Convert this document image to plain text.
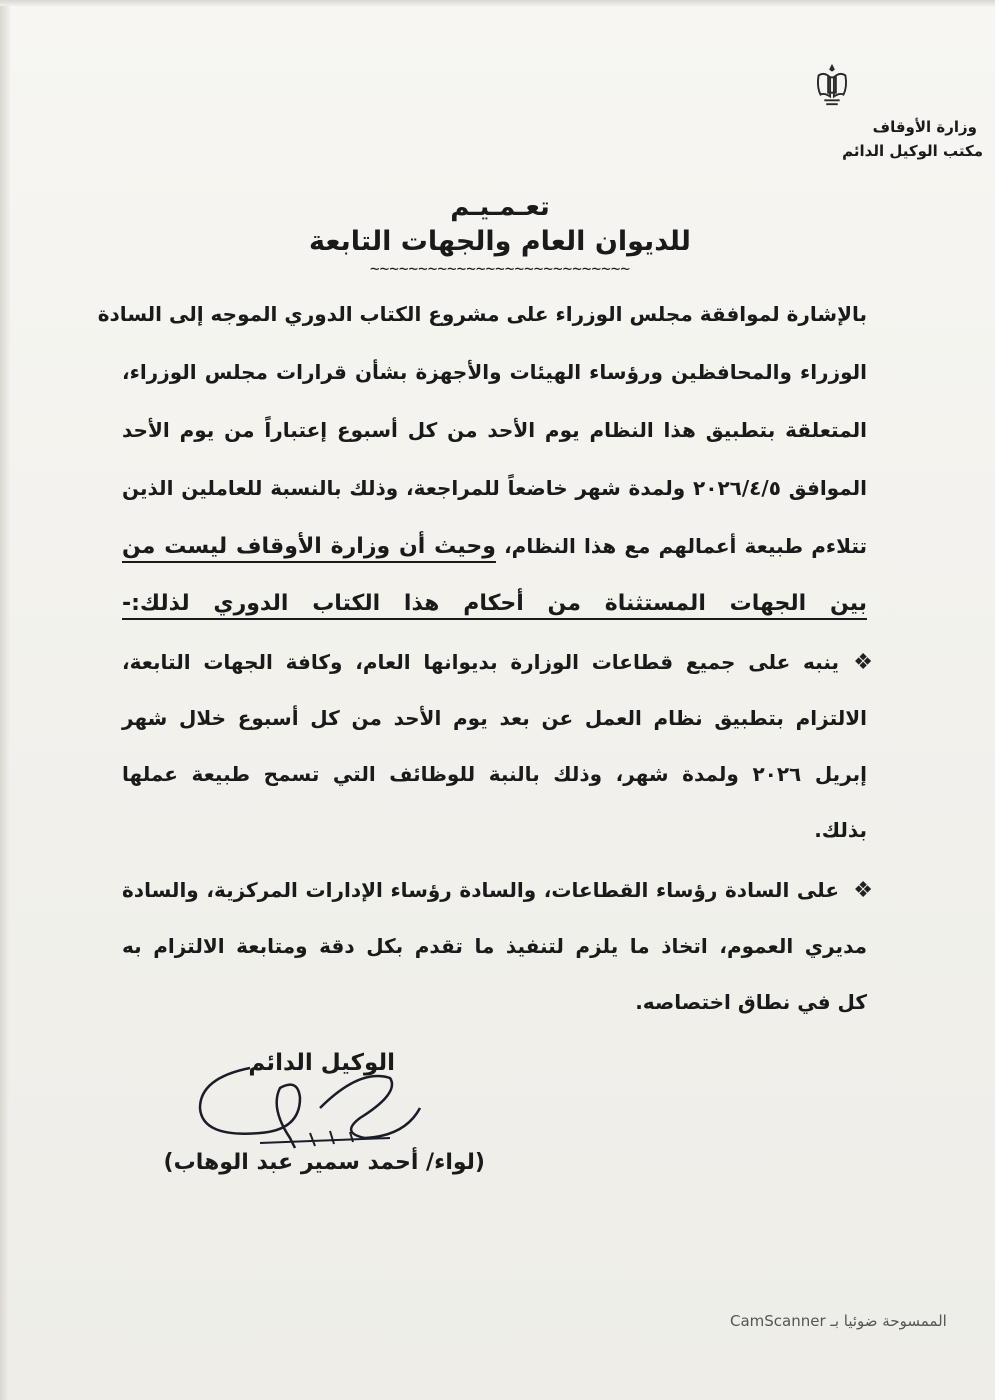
وزارة الأوقاف
مكتب الوكيل الدائم
تعـمـيـم
للديوان العام والجهات التابعة
~~~~~~~~~~~~~~~~~~~~~~~~~~~
بالإشارة لموافقة مجلس الوزراء على مشروع الكتاب الدوري الموجه إلى السادة
الوزراء والمحافظين ورؤساء الهيئات والأجهزة بشأن قرارات مجلس الوزراء،
المتعلقة بتطبيق هذا النظام يوم الأحد من كل أسبوع إعتباراً من يوم الأحد
الموافق ٢٠٢٦/٤/٥ ولمدة شهر خاضعاً للمراجعة، وذلك بالنسبة للعاملين الذين
تتلاءم طبيعة أعمالهم مع هذا النظام، وحيث أن وزارة الأوقاف ليست من
بين الجهات المستثناة من أحكام هذا الكتاب الدوري لذلك:-
❖
ينبه على جميع قطاعات الوزارة بديوانها العام، وكافة الجهات التابعة،
الالتزام بتطبيق نظام العمل عن بعد يوم الأحد من كل أسبوع خلال شهر
إبريل ٢٠٢٦ ولمدة شهر، وذلك بالنبة للوظائف التي تسمح طبيعة عملها
بذلك.
❖
على السادة رؤساء القطاعات، والسادة رؤساء الإدارات المركزية، والسادة
مديري العموم، اتخاذ ما يلزم لتنفيذ ما تقدم بكل دقة ومتابعة الالتزام به
كل في نطاق اختصاصه.
الوكيل الدائم
(لواء/ أحمد سمير عبد الوهاب)
الممسوحة ضوئيا بـ CamScanner
